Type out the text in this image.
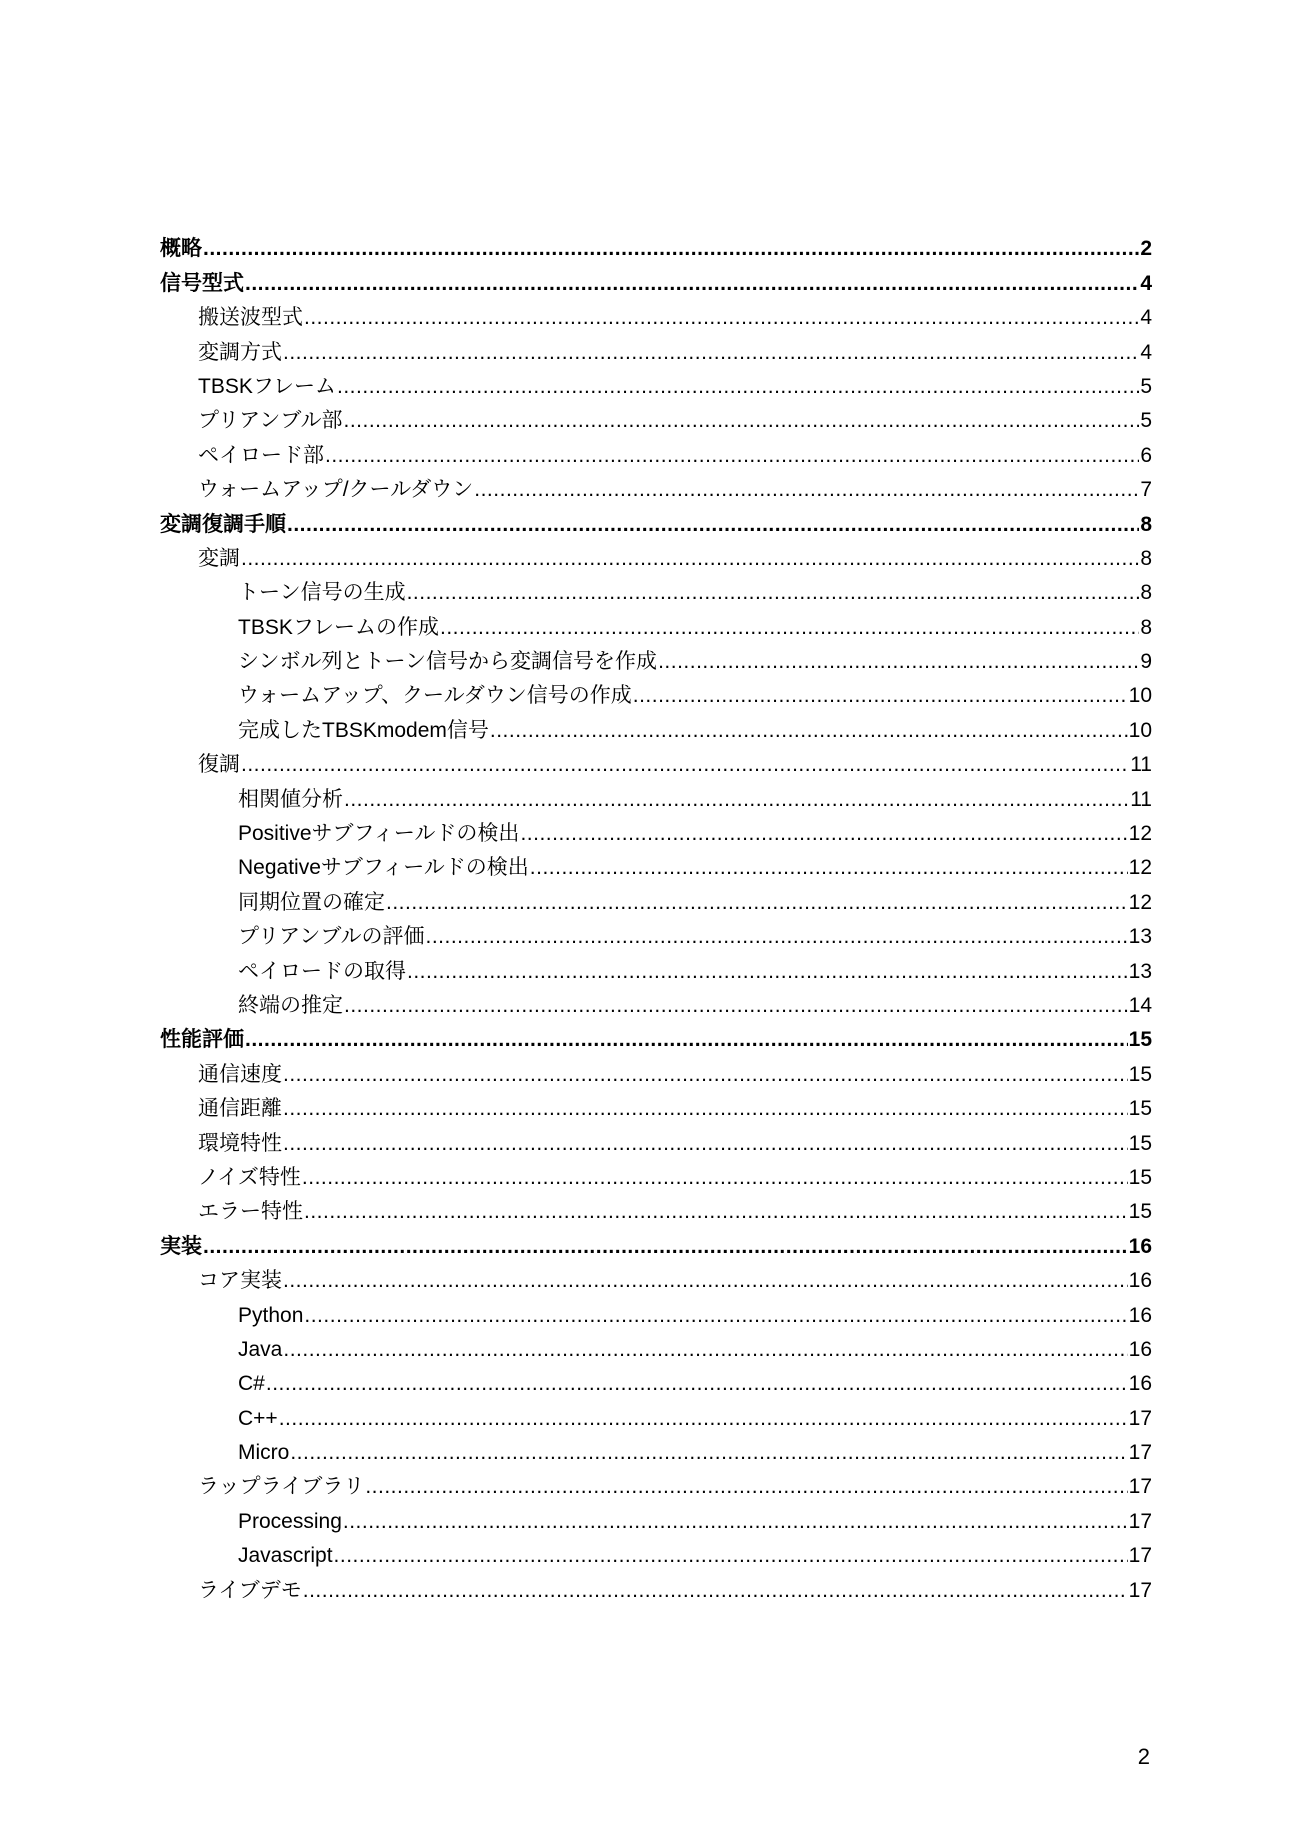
概略 .....	2
信号型式 .....	4
搬送波型式 .....	4
変調方式 .....	4
TBSKフレーム .....	5
プリアンブル部 .....	5
ペイロード部 .....	6
ウォームアップ/クールダウン .....	7
変調復調手順 .....	8
変調 .....	8
トーン信号の生成 .....	8
TBSKフレームの作成 .....	8
シンボル列とトーン信号から変調信号を作成 .....	9
ウォームアップ、クールダウン信号の作成 .....	10
完成したTBSKmodem信号 .....	10
復調 .....	11
相関値分析 .....	11
Positiveサブフィールドの検出 .....	12
Negativeサブフィールドの検出 .....	12
同期位置の確定 .....	12
プリアンブルの評価 .....	13
ペイロードの取得 .....	13
終端の推定 .....	14
性能評価 .....	15
通信速度 .....	15
通信距離 .....	15
環境特性 .....	15
ノイズ特性 .....	15
エラー特性 .....	15
実装 .....	16
コア実装 .....	16
Python .....	16
Java .....	16
C# .....	16
C++ .....	17
Micro .....	17
ラップライブラリ .....	17
Processing .....	17
Javascript .....	17
ライブデモ .....	17
2
